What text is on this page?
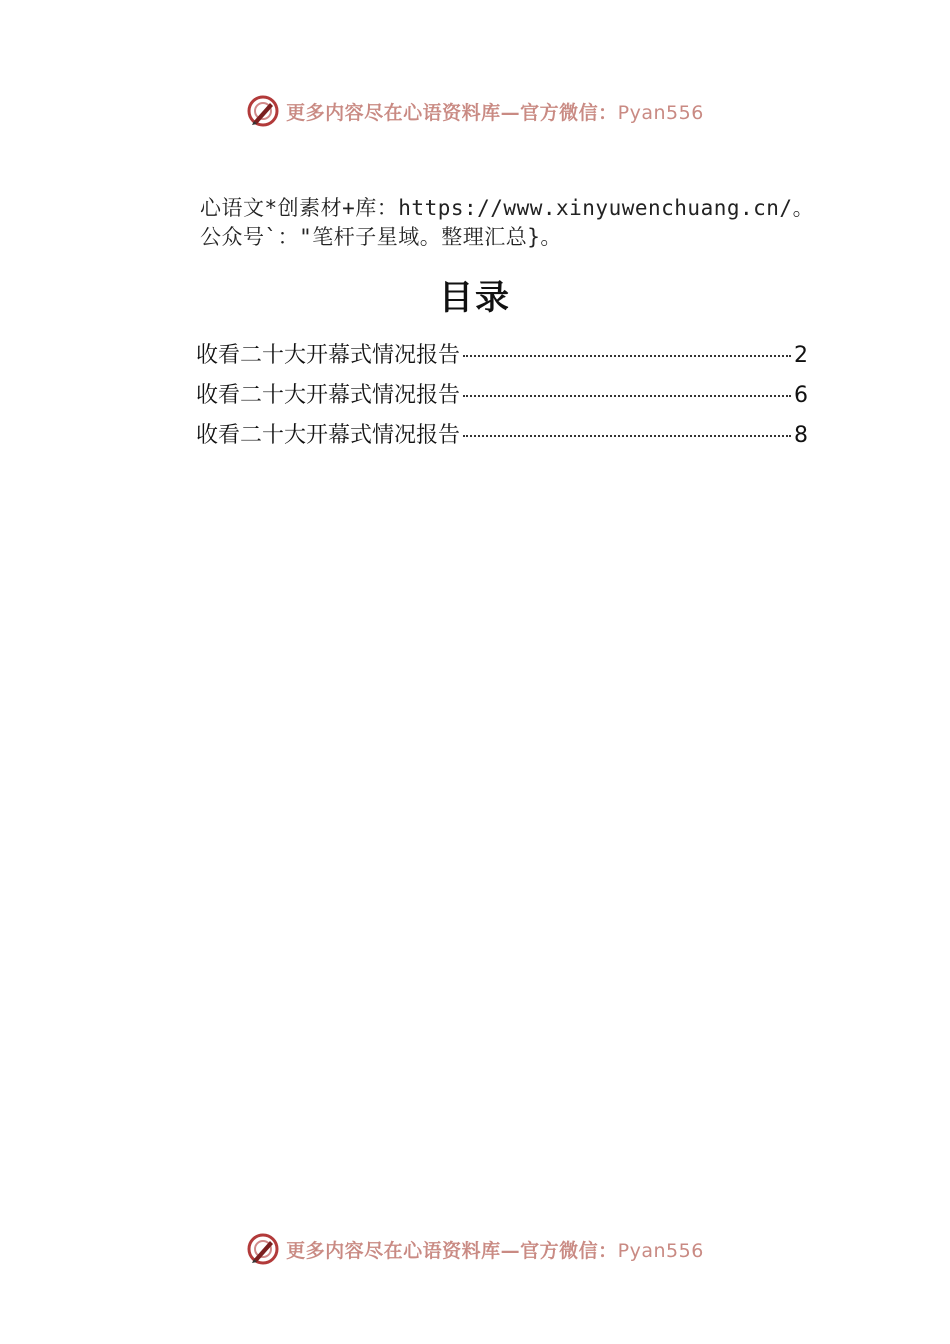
更多内容尽在心语资料库—官方微信：Pyan556
心语文*创素材+库：https://www.xinyuwenchuang.cn/。
公众号`："笔杆子星域。整理汇总}。
目录
收看二十大开幕式情况报告	2
收看二十大开幕式情况报告	6
收看二十大开幕式情况报告	8
更多内容尽在心语资料库—官方微信：Pyan556
